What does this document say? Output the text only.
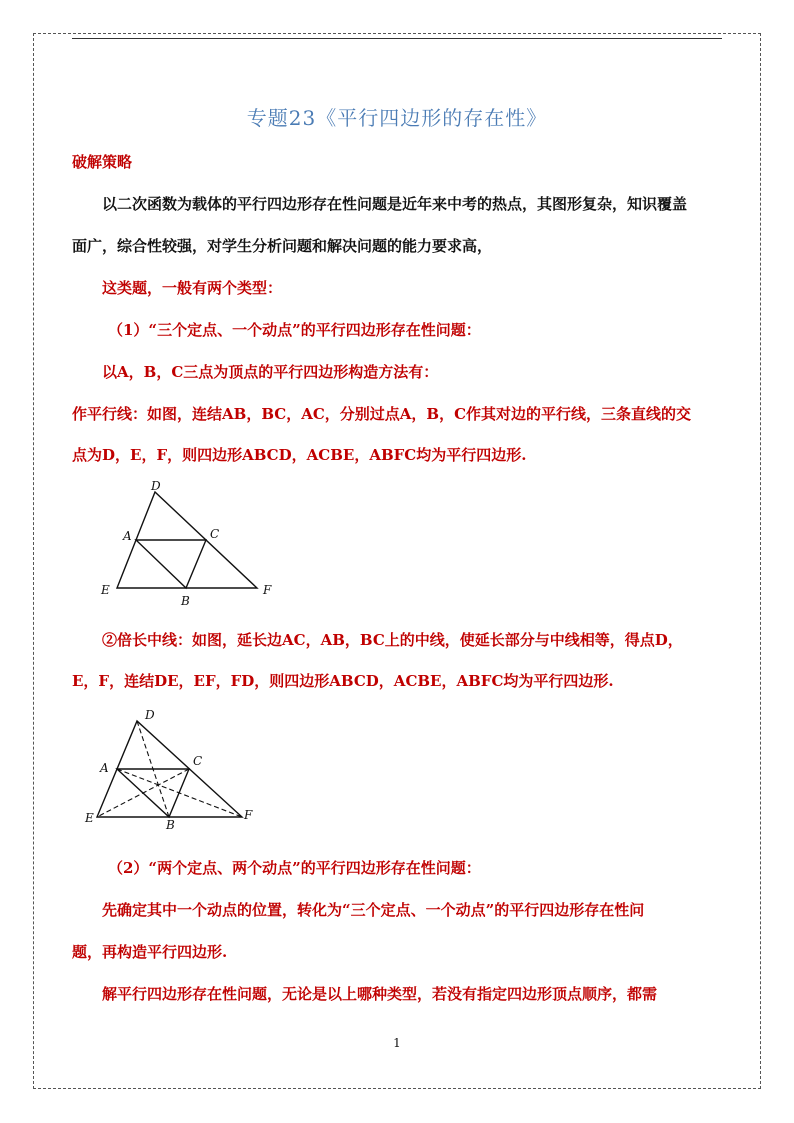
专题23《平行四边形的存在性》
破解策略
以二次函数为载体的平行四边形存在性问题是近年来中考的热点，其图形复杂，知识覆盖
面广，综合性较强，对学生分析问题和解决问题的能力要求高，
这类题，一般有两个类型：
（1）“三个定点、一个动点”的平行四边形存在性问题：
以A，B，C三点为顶点的平行四边形构造方法有：
作平行线：如图，连结AB，BC，AC，分别过点A，B，C作其对边的平行线，三条直线的交
点为D，E，F，则四边形ABCD，ACBE，ABFC均为平行四边形.
D
A	C
E
B
F
②倍长中线：如图，延长边AC，AB，BC上的中线，使延长部分与中线相等，得点D，
E，F，连结DE，EF，FD，则四边形ABCD，ACBE，ABFC均为平行四边形.
D
A	C
E	B
F
（2）“两个定点、两个动点”的平行四边形存在性问题：
先确定其中一个动点的位置，转化为“三个定点、一个动点”的平行四边形存在性问
题，再构造平行四边形.
解平行四边形存在性问题，无论是以上哪种类型，若没有指定四边形顶点顺序，都需
1
